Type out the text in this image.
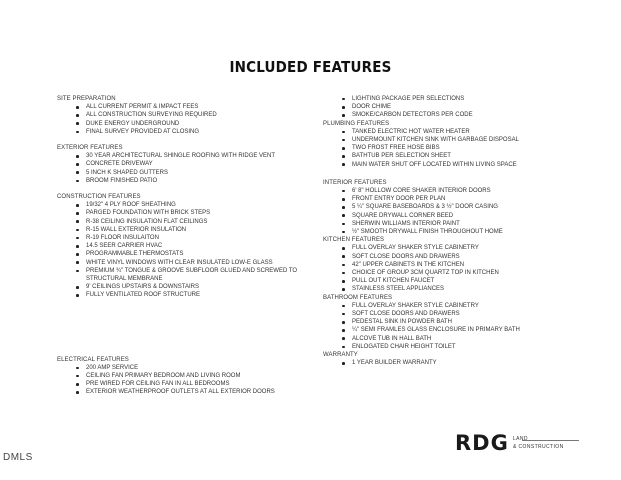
INCLUDED FEATURES
SITE PREPARATION
ALL CURRENT PERMIT & IMPACT FEES
ALL CONSTRUCTION SURVEYING REQUIRED
DUKE ENERGY UNDERGROUND
FINAL SURVEY PROVIDED AT CLOSING
EXTERIOR FEATURES
30 YEAR ARCHITECTURAL SHINGLE ROOFING WITH RIDGE VENT
CONCRETE DRIVEWAY
5 INCH K SHAPED GUTTERS
BROOM FINISHED PATIO
CONSTRUCTION FEATURES
19/32" 4 PLY ROOF SHEATHING
PARGED FOUNDATION WITH BRICK STEPS
R-38 CEILING INSULATION FLAT CEILINGS
R-15 WALL EXTERIOR INSULATION
R-19 FLOOR INSULAITON
14.5 SEER CARRIER HVAC
PROGRAMMABLE THERMOSTATS
WHITE VINYL WINDOWS WITH CLEAR INSULATED LOW-E GLASS
PREMIUM ¾" TONGUE & GROOVE SUBFLOOR GLUED AND SCREWED TO STRUCTURAL MEMBRANE
9' CEILINGS UPSTAIRS & DOWNSTAIRS
FULLY VENTILATED ROOF STRUCTURE
ELECTRICAL FEATURES
200 AMP SERVICE
CEILING FAN PRIMARY BEDROOM AND LIVING ROOM
PRE WIRED FOR CEILING FAN IN ALL BEDROOMS
EXTERIOR WEATHERPROOF OUTLETS AT ALL EXTERIOR DOORS
LIGHTING PACKAGE PER SELECTIONS
DOOR CHIME
SMOKE/CARBON DETECTORS PER CODE
PLUMBING FEATURES
TANKED ELECTRIC HOT WATER HEATER
UNDERMOUNT KITCHEN SINK WITH GARBAGE DISPOSAL
TWO FROST FREE HOSE BIBS
BATHTUB PER SELECTION SHEET
MAIN WATER SHUT OFF LOCATED WITHIN LIVING SPACE
INTERIOR FEATURES
6' 8" HOLLOW CORE SHAKER INTERIOR DOORS
FRONT ENTRY DOOR PER PLAN
5 ¼" SQUARE BASEBOARDS & 3 ½" DOOR CASING
SQUARE DRYWALL CORNER BEED
SHERWIN WILLIAMS INTERIOR PAINT
½" SMOOTH DRYWALL FINISH THROUGHOUT HOME
KITCHEN FEATURES
FULL OVERLAY SHAKER STYLE CABINETRY
SOFT CLOSE DOORS AND DRAWERS
42" UPPER CABINETS IN THE KITCHEN
CHOICE OF GROUP 3CM QUARTZ TOP IN KITCHEN
PULL OUT KITCHEN FAUCET
STAINLESS STEEL APPLIANCES
BATHROOM FEATURES
FULL OVERLAY SHAKER STYLE CABINETRY
SOFT CLOSE DOORS AND DRAWERS
PEDESTAL SINK IN POWDER BATH
¼" SEMI FRAMLES GLASS ENCLOSURE IN PRIMARY BATH
ALCOVE TUB IN HALL BATH
ENLOGATED CHAIR HEIGHT TOILET
WARRANTY
1 YEAR BUILDER WARRANTY
RDG LAND
& CONSTRUCTION
DMLS
